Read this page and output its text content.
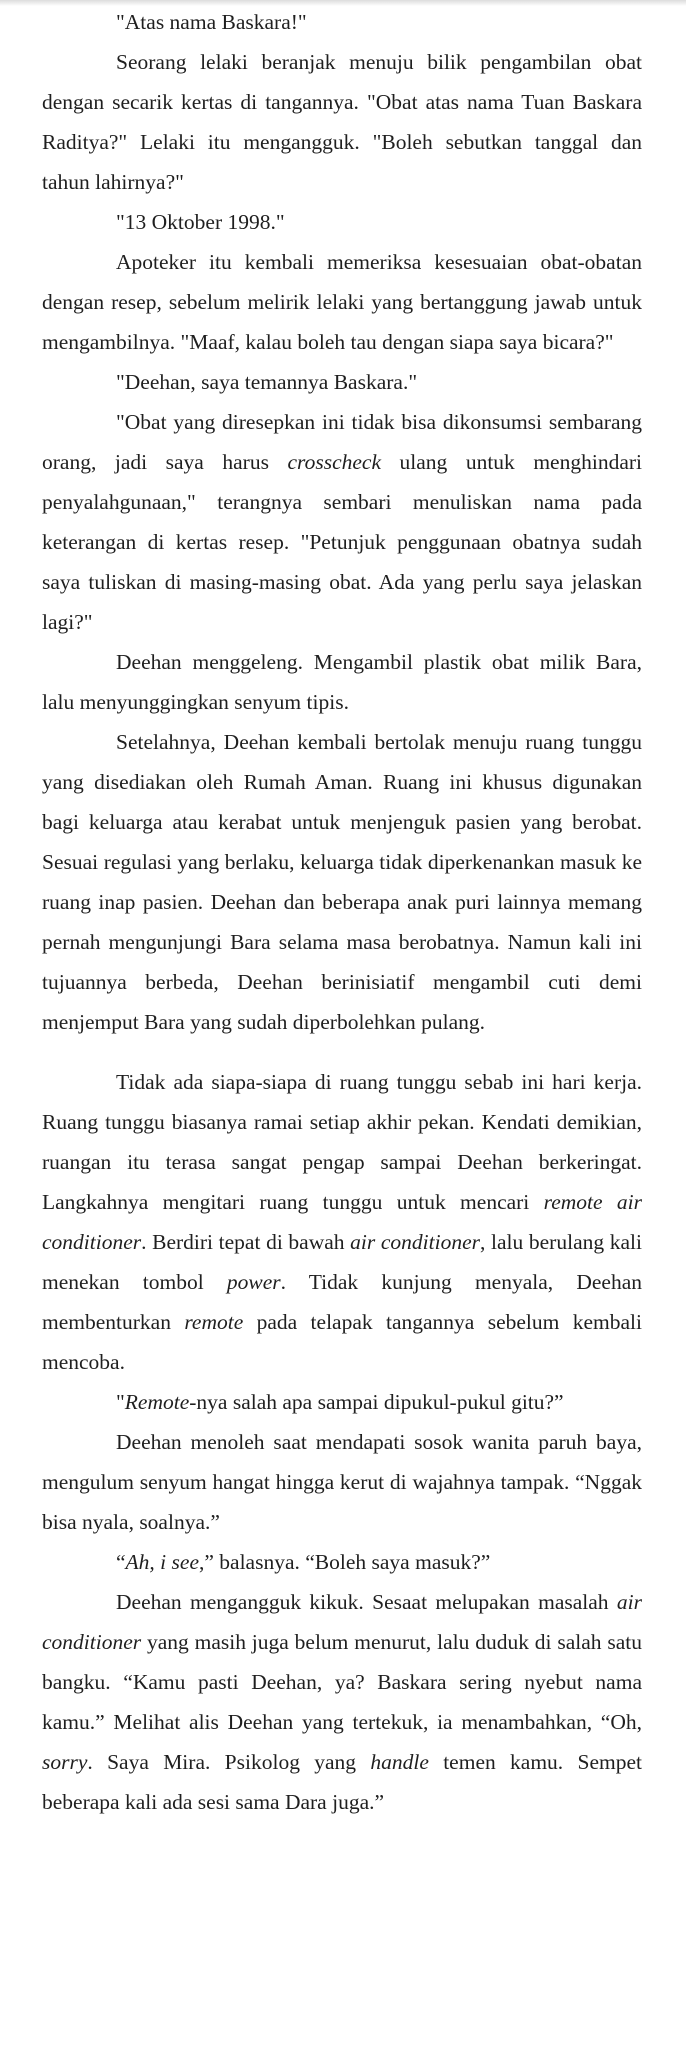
"Atas nama Baskara!"

Seorang lelaki beranjak menuju bilik pengambilan obat dengan secarik kertas di tangannya. "Obat atas nama Tuan Baskara Raditya?" Lelaki itu mengangguk. "Boleh sebutkan tanggal dan tahun lahirnya?"

"13 Oktober 1998."

Apoteker itu kembali memeriksa kesesuaian obat-obatan dengan resep, sebelum melirik lelaki yang bertanggung jawab untuk mengambilnya. "Maaf, kalau boleh tau dengan siapa saya bicara?"

"Deehan, saya temannya Baskara."

"Obat yang diresepkan ini tidak bisa dikonsumsi sembarang orang, jadi saya harus crosscheck ulang untuk menghindari penyalahgunaan," terangnya sembari menuliskan nama pada keterangan di kertas resep. "Petunjuk penggunaan obatnya sudah saya tuliskan di masing-masing obat. Ada yang perlu saya jelaskan lagi?"

Deehan menggeleng. Mengambil plastik obat milik Bara, lalu menyunggingkan senyum tipis.

Setelahnya, Deehan kembali bertolak menuju ruang tunggu yang disediakan oleh Rumah Aman. Ruang ini khusus digunakan bagi keluarga atau kerabat untuk menjenguk pasien yang berobat. Sesuai regulasi yang berlaku, keluarga tidak diperkenankan masuk ke ruang inap pasien. Deehan dan beberapa anak puri lainnya memang pernah mengunjungi Bara selama masa berobatnya. Namun kali ini tujuannya berbeda, Deehan berinisiatif mengambil cuti demi menjemput Bara yang sudah diperbolehkan pulang.

Tidak ada siapa-siapa di ruang tunggu sebab ini hari kerja. Ruang tunggu biasanya ramai setiap akhir pekan. Kendati demikian, ruangan itu terasa sangat pengap sampai Deehan berkeringat. Langkahnya mengitari ruang tunggu untuk mencari remote air conditioner. Berdiri tepat di bawah air conditioner, lalu berulang kali menekan tombol power. Tidak kunjung menyala, Deehan membenturkan remote pada telapak tangannya sebelum kembali mencoba.

"Remote-nya salah apa sampai dipukul-pukul gitu?”

Deehan menoleh saat mendapati sosok wanita paruh baya, mengulum senyum hangat hingga kerut di wajahnya tampak. “Nggak bisa nyala, soalnya.”

“Ah, i see,” balasnya. “Boleh saya masuk?”

Deehan mengangguk kikuk. Sesaat melupakan masalah air conditioner yang masih juga belum menurut, lalu duduk di salah satu bangku. “Kamu pasti Deehan, ya? Baskara sering nyebut nama kamu.” Melihat alis Deehan yang tertekuk, ia menambahkan, “Oh, sorry. Saya Mira. Psikolog yang handle temen kamu. Sempet beberapa kali ada sesi sama Dara juga.”
